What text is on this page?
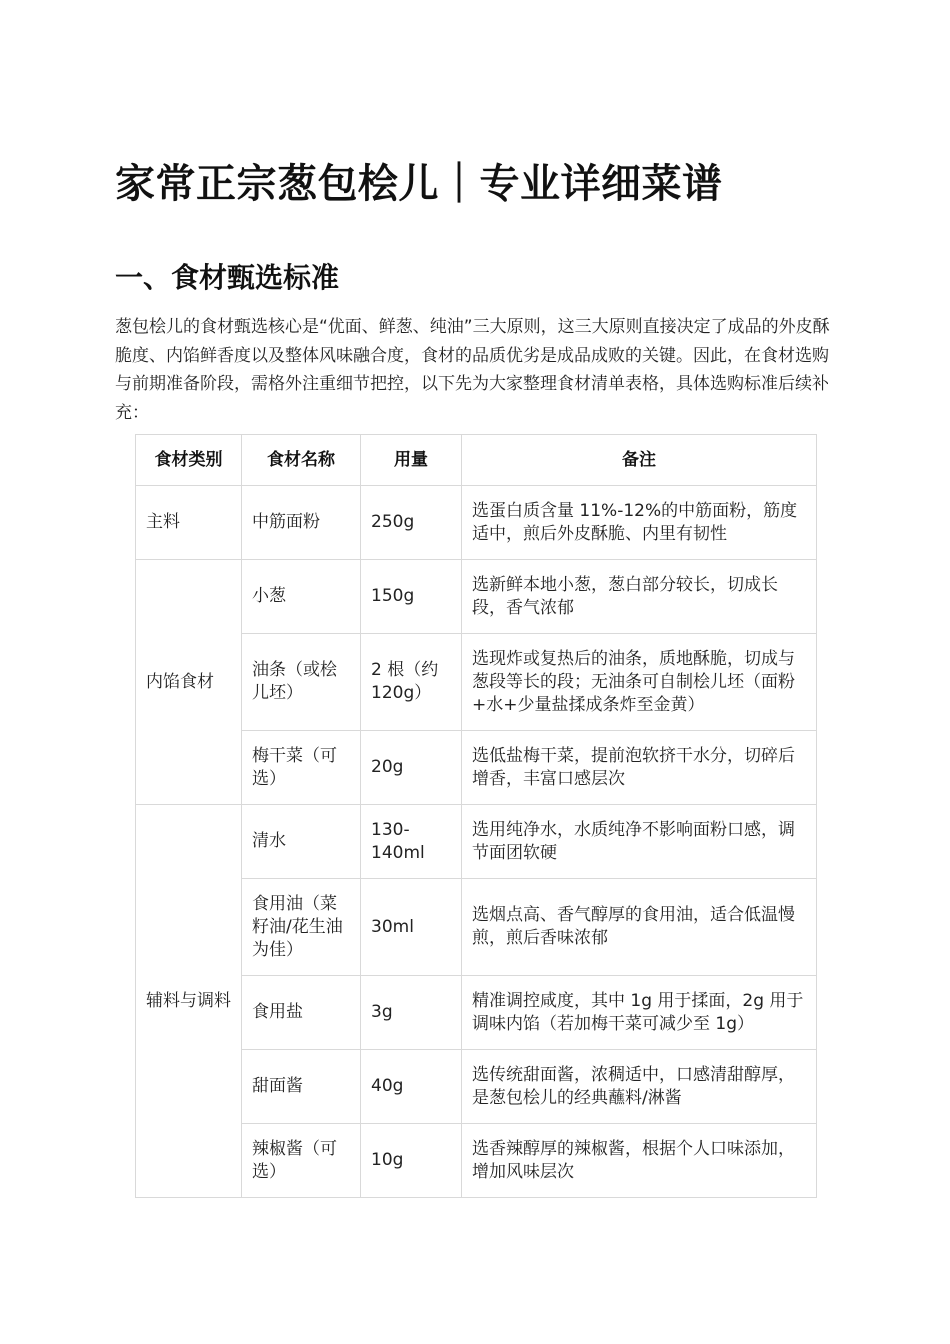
家常正宗葱包桧儿｜专业详细菜谱
一、食材甄选标准

葱包桧儿的食材甄选核心是“优面、鲜葱、纯油”三大原则，这三大原则直接决定了成品的外皮酥脆度、内馅鲜香度以及整体风味融合度，食材的品质优劣是成品成败的关键。因此，在食材选购与前期准备阶段，需格外注重细节把控，以下先为大家整理食材清单表格，具体选购标准后续补充：

食材类别	食材名称	用量	备注
主料	中筋面粉	250g	选蛋白质含量 11%-12%的中筋面粉，筋度适中，煎后外皮酥脆、内里有韧性
内馅食材	小葱	150g	选新鲜本地小葱，葱白部分较长，切成长段，香气浓郁
	油条（或桧儿坯）	2 根（约 120g）	选现炸或复热后的油条，质地酥脆，切成与葱段等长的段；无油条可自制桧儿坯（面粉+水+少量盐揉成条炸至金黄）
	梅干菜（可选）	20g	选低盐梅干菜，提前泡软挤干水分，切碎后增香，丰富口感层次
辅料与调料	清水	130-140ml	选用纯净水，水质纯净不影响面粉口感，调节面团软硬
	食用油（菜籽油/花生油为佳）	30ml	选烟点高、香气醇厚的食用油，适合低温慢煎，煎后香味浓郁
	食用盐	3g	精准调控咸度，其中 1g 用于揉面，2g 用于调味内馅（若加梅干菜可减少至 1g）
	甜面酱	40g	选传统甜面酱，浓稠适中，口感清甜醇厚，是葱包桧儿的经典蘸料/淋酱
	辣椒酱（可选）	10g	选香辣醇厚的辣椒酱，根据个人口味添加，增加风味层次
